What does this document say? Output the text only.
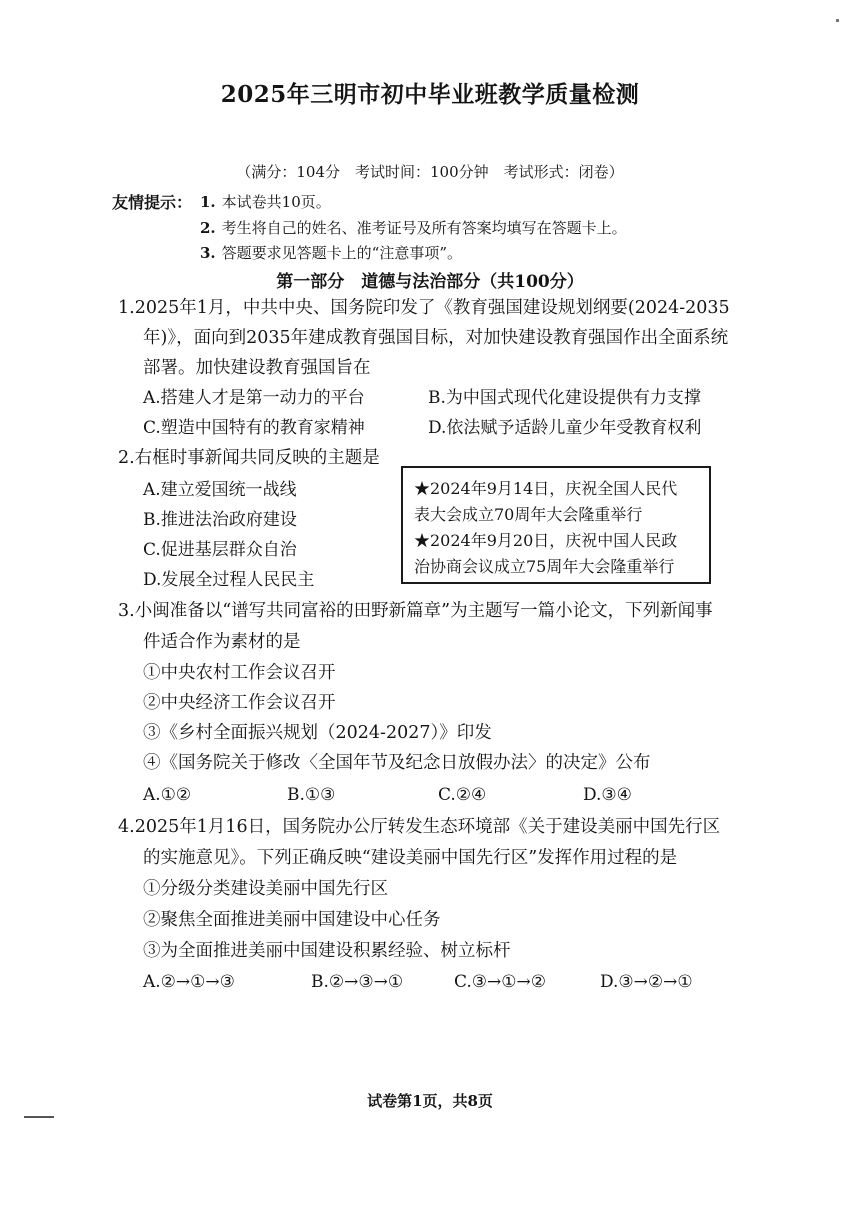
2025年三明市初中毕业班教学质量检测
（满分：104分　考试时间：100分钟　考试形式：闭卷）
友情提示： 1. 本试卷共10页。
2. 考生将自己的姓名、准考证号及所有答案均填写在答题卡上。
3. 答题要求见答题卡上的“注意事项”。
第一部分　道德与法治部分（共100分）
1.2025年1月，中共中央、国务院印发了《教育强国建设规划纲要(2024-2035
年)》，面向到2035年建成教育强国目标，对加快建设教育强国作出全面系统
部署。加快建设教育强国旨在
A.搭建人才是第一动力的平台	B.为中国式现代化建设提供有力支撑
C.塑造中国特有的教育家精神	D.依法赋予适龄儿童少年受教育权利
2.右框时事新闻共同反映的主题是
A.建立爱国统一战线
B.推进法治政府建设
C.促进基层群众自治
D.发展全过程人民民主
★2024年9月14日，庆祝全国人民代
表大会成立70周年大会隆重举行
★2024年9月20日，庆祝中国人民政
治协商会议成立75周年大会隆重举行
3.小闽准备以“谱写共同富裕的田野新篇章”为主题写一篇小论文，下列新闻事
件适合作为素材的是
①中央农村工作会议召开
②中央经济工作会议召开
③《乡村全面振兴规划（2024-2027）》印发
④《国务院关于修改〈全国年节及纪念日放假办法〉的决定》公布
A.①②	B.①③	C.②④	D.③④
4.2025年1月16日，国务院办公厅转发生态环境部《关于建设美丽中国先行区
的实施意见》。下列正确反映“建设美丽中国先行区”发挥作用过程的是
①分级分类建设美丽中国先行区
②聚焦全面推进美丽中国建设中心任务
③为全面推进美丽中国建设积累经验、树立标杆
A.②→①→③	B.②→③→①	C.③→①→②	D.③→②→①
试卷第1页，共8页
